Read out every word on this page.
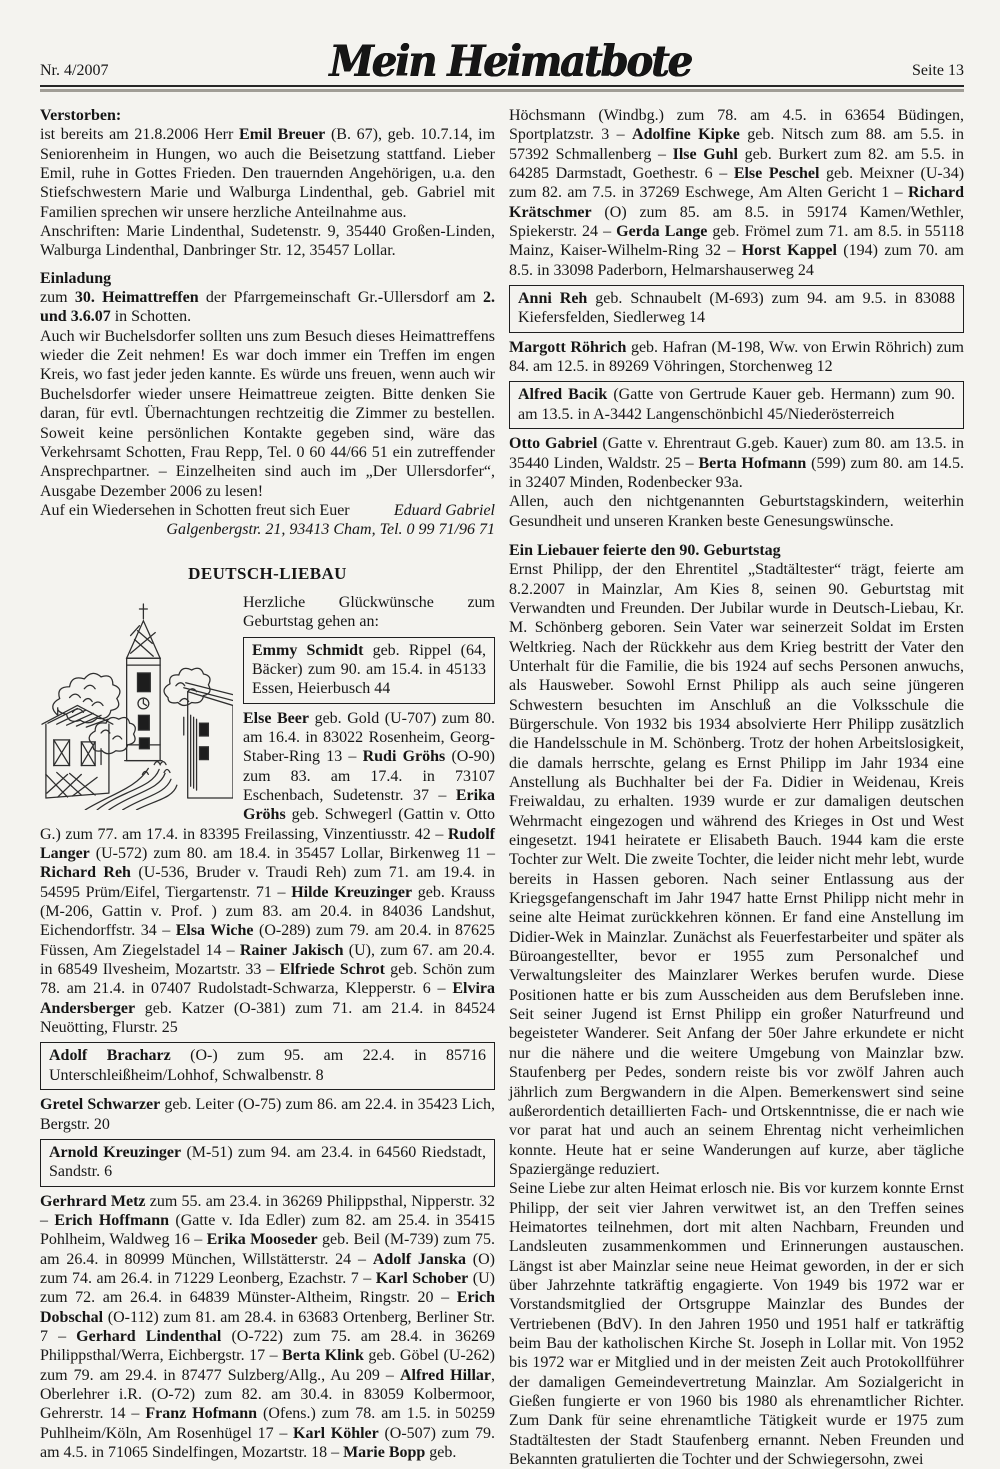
Nr. 4/2007	Mein Heimatbote	Seite 13

Verstorben:

ist bereits am 21.8.2006 Herr Emil Breuer (B. 67), geb. 10.7.14, im Seniorenheim in Hungen, wo auch die Beisetzung stattfand. Lieber Emil, ruhe in Gottes Frieden. Den trauernden Angehörigen, u.a. den Stiefschwestern Marie und Walburga Lindenthal, geb. Gabriel mit Familien sprechen wir unsere herzliche Anteilnahme aus.

Anschriften: Marie Lindenthal, Sudetenstr. 9, 35440 Großen-Linden, Walburga Lindenthal, Danbringer Str. 12, 35457 Lollar.

Einladung

zum 30. Heimattreffen der Pfarrgemeinschaft Gr.-Ullersdorf am 2. und 3.6.07 in Schotten.

Auch wir Buchelsdorfer sollten uns zum Besuch dieses Heimattreffens wieder die Zeit nehmen! Es war doch immer ein Treffen im engen Kreis, wo fast jeder jeden kannte. Es würde uns freuen, wenn auch wir Buchelsdorfer wieder unsere Heimattreue zeigten. Bitte denken Sie daran, für evtl. Übernachtungen rechtzeitig die Zimmer zu bestellen. Soweit keine persönlichen Kontakte gegeben sind, wäre das Verkehrsamt Schotten, Frau Repp, Tel. 0 60 44/66 51 ein zutreffender Ansprechpartner. – Einzelheiten sind auch im „Der Ullersdorfer“, Ausgabe Dezember 2006 zu lesen!

Auf ein Wiedersehen in Schotten freut sich Euer	Eduard Gabriel

Galgenbergstr. 21, 93413 Cham, Tel. 0 99 71/96 71

DEUTSCH-LIEBAU

Herzliche Glückwünsche zum Geburtstag gehen an:

Emmy Schmidt geb. Rippel (64, Bäcker) zum 90. am 15.4. in 45133 Essen, Heierbusch 44

Else Beer geb. Gold (U-707) zum 80. am 16.4. in 83022 Rosenheim, Georg-Staber-Ring 13 – Rudi Gröhs (O-90) zum 83. am 17.4. in 73107 Eschenbach, Sudetenstr. 37 – Erika Gröhs geb. Schwegerl (Gattin v. Otto G.) zum 77. am 17.4. in 83395 Freilassing, Vinzentiusstr. 42 – Rudolf Langer (U-572) zum 80. am 18.4. in 35457 Lollar, Birkenweg 11 – Richard Reh (U-536, Bruder v. Traudi Reh) zum 71. am 19.4. in 54595 Prüm/Eifel, Tiergartenstr. 71 – Hilde Kreuzinger geb. Krauss (M-206, Gattin v. Prof. ) zum 83. am 20.4. in 84036 Landshut, Eichendorffstr. 34 – Elsa Wiche (O-289) zum 79. am 20.4. in 87625 Füssen, Am Ziegelstadel 14 – Rainer Jakisch (U), zum 67. am 20.4. in 68549 Ilvesheim, Mozartstr. 33 – Elfriede Schrot geb. Schön zum 78. am 21.4. in 07407 Rudolstadt-Schwarza, Klepperstr. 6 – Elvira Andersberger geb. Katzer (O-381) zum 71. am 21.4. in 84524 Neuötting, Flurstr. 25

Adolf Bracharz (O-) zum 95. am 22.4. in 85716 Unterschleißheim/Lohhof, Schwalbenstr. 8

Gretel Schwarzer geb. Leiter (O-75) zum 86. am 22.4. in 35423 Lich, Bergstr. 20

Arnold Kreuzinger (M-51) zum 94. am 23.4. in 64560 Riedstadt, Sandstr. 6

Gerhrard Metz zum 55. am 23.4. in 36269 Philippsthal, Nipperstr. 32 – Erich Hoffmann (Gatte v. Ida Edler) zum 82. am 25.4. in 35415 Pohlheim, Waldweg 16 – Erika Mooseder geb. Beil (M-739) zum 75. am 26.4. in 80999 München, Willstätterstr. 24 – Adolf Janska (O) zum 74. am 26.4. in 71229 Leonberg, Ezachstr. 7 – Karl Schober (U) zum 72. am 26.4. in 64839 Münster-Altheim, Ringstr. 20 – Erich Dobschal (O-112) zum 81. am 28.4. in 63683 Ortenberg, Berliner Str. 7 – Gerhard Lindenthal (O-722) zum 75. am 28.4. in 36269 Philippsthal/Werra, Eichbergstr. 17 – Berta Klink geb. Göbel (U-262) zum 79. am 29.4. in 87477 Sulzberg/Allg., Au 209 – Alfred Hillar, Oberlehrer i.R. (O-72) zum 82. am 30.4. in 83059 Kolbermoor, Gehrerstr. 14 – Franz Hofmann (Ofens.) zum 78. am 1.5. in 50259 Puhlheim/Köln, Am Rosenhügel 17 – Karl Köhler (O-507) zum 79. am 4.5. in 71065 Sindelfingen, Mozartstr. 18 – Marie Bopp geb.

Höchsmann (Windbg.) zum 78. am 4.5. in 63654 Büdingen, Sportplatzstr. 3 – Adolfine Kipke geb. Nitsch zum 88. am 5.5. in 57392 Schmallenberg – Ilse Guhl geb. Burkert zum 82. am 5.5. in 64285 Darmstadt, Goethestr. 6 – Else Peschel geb. Meixner (U-34) zum 82. am 7.5. in 37269 Eschwege, Am Alten Gericht 1 – Richard Krätschmer (O) zum 85. am 8.5. in 59174 Kamen/Wethler, Spiekerstr. 24 – Gerda Lange geb. Frömel zum 71. am 8.5. in 55118 Mainz, Kaiser-Wilhelm-Ring 32 – Horst Kappel (194) zum 70. am 8.5. in 33098 Paderborn, Helmarshauserweg 24

Anni Reh geb. Schnaubelt (M-693) zum 94. am 9.5. in 83088 Kiefersfelden, Siedlerweg 14

Margott Röhrich geb. Hafran (M-198, Ww. von Erwin Röhrich) zum 84. am 12.5. in 89269 Vöhringen, Storchenweg 12

Alfred Bacik (Gatte von Gertrude Kauer geb. Hermann) zum 90. am 13.5. in A-3442 Langenschönbichl 45/Niederösterreich

Otto Gabriel (Gatte v. Ehrentraut G.geb. Kauer) zum 80. am 13.5. in 35440 Linden, Waldstr. 25 – Berta Hofmann (599) zum 80. am 14.5. in 32407 Minden, Rodenbecker 93a.

Allen, auch den nichtgenannten Geburtstagskindern, weiterhin Gesundheit und unseren Kranken beste Genesungswünsche.

Ein Liebauer feierte den 90. Geburtstag

Ernst Philipp, der den Ehrentitel „Stadtältester“ trägt, feierte am 8.2.2007 in Mainzlar, Am Kies 8, seinen 90. Geburtstag mit Verwandten und Freunden. Der Jubilar wurde in Deutsch-Liebau, Kr. M. Schönberg geboren. Sein Vater war seinerzeit Soldat im Ersten Weltkrieg. Nach der Rückkehr aus dem Krieg bestritt der Vater den Unterhalt für die Familie, die bis 1924 auf sechs Personen anwuchs, als Hausweber. Sowohl Ernst Philipp als auch seine jüngeren Schwestern besuchten im Anschluß an die Volksschule die Bürgerschule. Von 1932 bis 1934 absolvierte Herr Philipp zusätzlich die Handelsschule in M. Schönberg. Trotz der hohen Arbeitslosigkeit, die damals herrschte, gelang es Ernst Philipp im Jahr 1934 eine Anstellung als Buchhalter bei der Fa. Didier in Weidenau, Kreis Freiwaldau, zu erhalten. 1939 wurde er zur damaligen deutschen Wehrmacht eingezogen und während des Krieges in Ost und West eingesetzt. 1941 heiratete er Elisabeth Bauch. 1944 kam die erste Tochter zur Welt. Die zweite Tochter, die leider nicht mehr lebt, wurde bereits in Hassen geboren. Nach seiner Entlassung aus der Kriegsgefangenschaft im Jahr 1947 hatte Ernst Philipp nicht mehr in seine alte Heimat zurückkehren können. Er fand eine Anstellung im Didier-Wek in Mainzlar. Zunächst als Feuerfestarbeiter und später als Büroangestellter, bevor er 1955 zum Personalchef und Verwaltungsleiter des Mainzlarer Werkes berufen wurde. Diese Positionen hatte er bis zum Ausscheiden aus dem Berufsleben inne. Seit seiner Jugend ist Ernst Philipp ein großer Naturfreund und begeisteter Wanderer. Seit Anfang der 50er Jahre erkundete er nicht nur die nähere und die weitere Umgebung von Mainzlar bzw. Staufenberg per Pedes, sondern reiste bis vor zwölf Jahren auch jährlich zum Bergwandern in die Alpen. Bemerkenswert sind seine außerordentich detaillierten Fach- und Ortskenntnisse, die er nach wie vor parat hat und auch an seinem Ehrentag nicht verheimlichen konnte. Heute hat er seine Wanderungen auf kurze, aber tägliche Spaziergänge reduziert.

Seine Liebe zur alten Heimat erlosch nie. Bis vor kurzem konnte Ernst Philipp, der seit vier Jahren verwitwet ist, an den Treffen seines Heimatortes teilnehmen, dort mit alten Nachbarn, Freunden und Landsleuten zusammenkommen und Erinnerungen austauschen. Längst ist aber Mainzlar seine neue Heimat geworden, in der er sich über Jahrzehnte tatkräftig engagierte. Von 1949 bis 1972 war er Vorstandsmitglied der Ortsgruppe Mainzlar des Bundes der Vertriebenen (BdV). In den Jahren 1950 und 1951 half er tatkräftig beim Bau der katholischen Kirche St. Joseph in Lollar mit. Von 1952 bis 1972 war er Mitglied und in der meisten Zeit auch Protokollführer der damaligen Gemeindevertretung Mainzlar. Am Sozialgericht in Gießen fungierte er von 1960 bis 1980 als ehrenamtlicher Richter. Zum Dank für seine ehrenamtliche Tätigkeit wurde er 1975 zum Stadtältesten der Stadt Staufenberg ernannt. Neben Freunden und Bekannten gratulierten die Tochter und der Schwiegersohn, zwei
